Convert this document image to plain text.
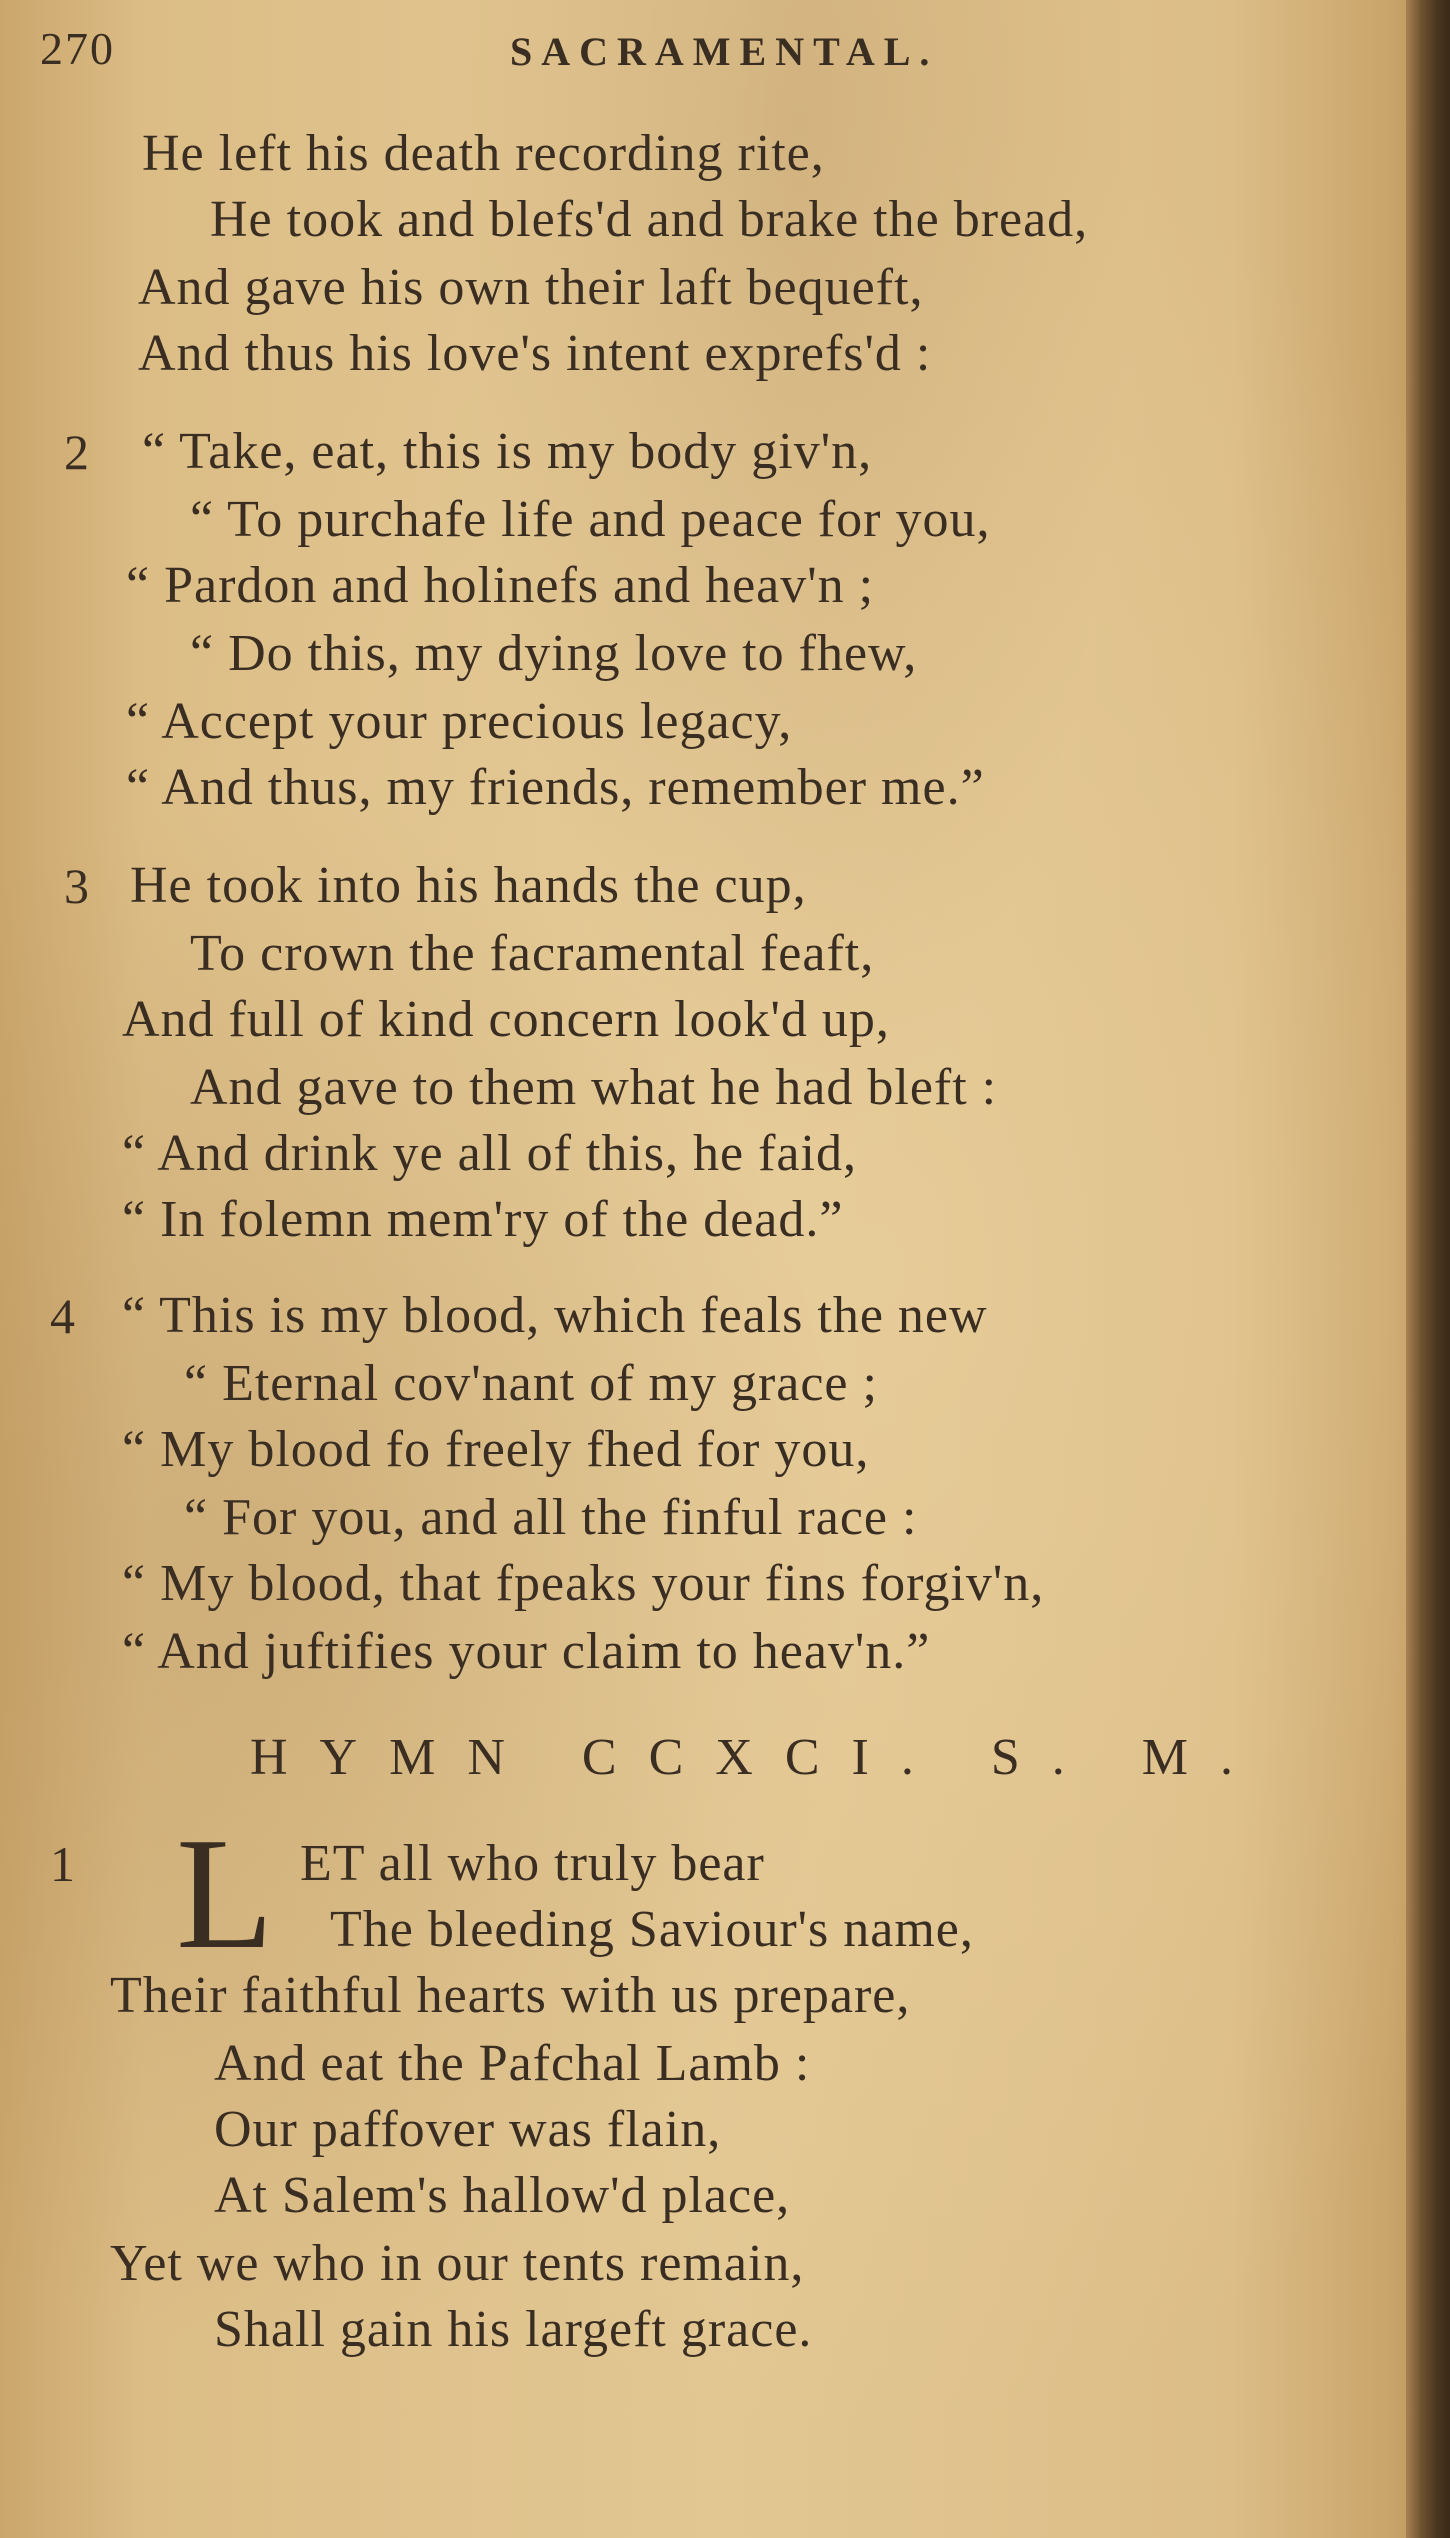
270	SACRAMENTAL.
He left his death recording rite,
He took and blefs'd and brake the bread,
And gave his own their laft bequeft,
And thus his love's intent exprefs'd :
2 “ Take, eat, this is my body giv'n,
“ To purchafe life and peace for you,
“ Pardon and holinefs and heav'n ;
“ Do this, my dying love to fhew,
“ Accept your precious legacy,
“ And thus, my friends, remember me.”
3 He took into his hands the cup,
To crown the facramental feaft,
And full of kind concern look'd up,
And gave to them what he had bleft :
“ And drink ye all of this, he faid,
“ In folemn mem'ry of the dead.”
4 “ This is my blood, which feals the new
“ Eternal cov'nant of my grace ;
“ My blood fo freely fhed for you,
“ For you, and all the finful race :
“ My blood, that fpeaks your fins forgiv'n,
“ And juftifies your claim to heav'n.”
HYMN CCXCI. S. M.
1 L ET all who truly bear
The bleeding Saviour's name,
Their faithful hearts with us prepare,
And eat the Pafchal Lamb :
Our paffover was flain,
At Salem's hallow'd place,
Yet we who in our tents remain,
Shall gain his largeft grace.
